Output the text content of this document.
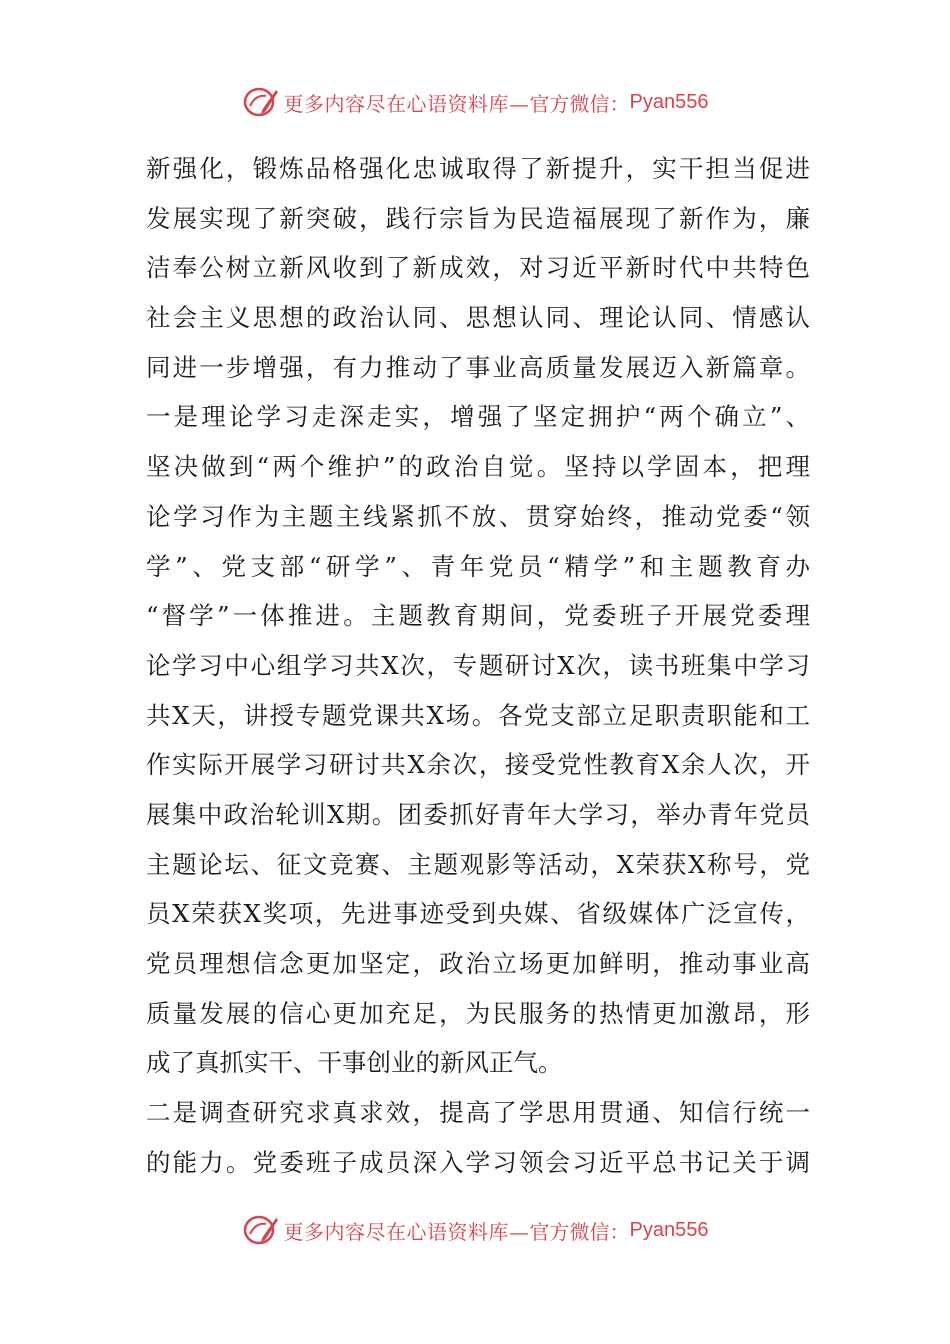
更多内容尽在心语资料库— 官方微信： Pyan556
新强化，锻炼品格强化忠诚取得了新提升，实干担当促进
发展实现了新突破，践行宗旨为民造福展现了新作为，廉
洁奉公树立新风收到了新成效，对习近平新时代中共特色
社会主义思想的政治认同、思想认同、理论认同、情感认
同进一步增强，有力推动了事业高质量发展迈入新篇章。
一是理论学习走深走实，增强了坚定拥护“两个确立”、
坚决做到“两个维护”的政治自觉。坚持以学固本，把理
论学习作为主题主线紧抓不放、贯穿始终，推动党委“领
学”、党支部“研学”、青年党员“精学”和主题教育办
“督学”一体推进。主题教育期间，党委班子开展党委理
论学习中心组学习共X次，专题研讨X次，读书班集中学习
共X天，讲授专题党课共X场。各党支部立足职责职能和工
作实际开展学习研讨共X余次，接受党性教育X余人次，开
展集中政治轮训X期。团委抓好青年大学习，举办青年党员
主题论坛、征文竞赛、主题观影等活动，X荣获X称号，党
员X荣获X奖项，先进事迹受到央媒、省级媒体广泛宣传，
党员理想信念更加坚定，政治立场更加鲜明，推动事业高
质量发展的信心更加充足，为民服务的热情更加激昂，形
成了真抓实干、干事创业的新风正气。
二是调查研究求真求效，提高了学思用贯通、知信行统一
的能力。党委班子成员深入学习领会习近平总书记关于调
更多内容尽在心语资料库— 官方微信： Pyan556
